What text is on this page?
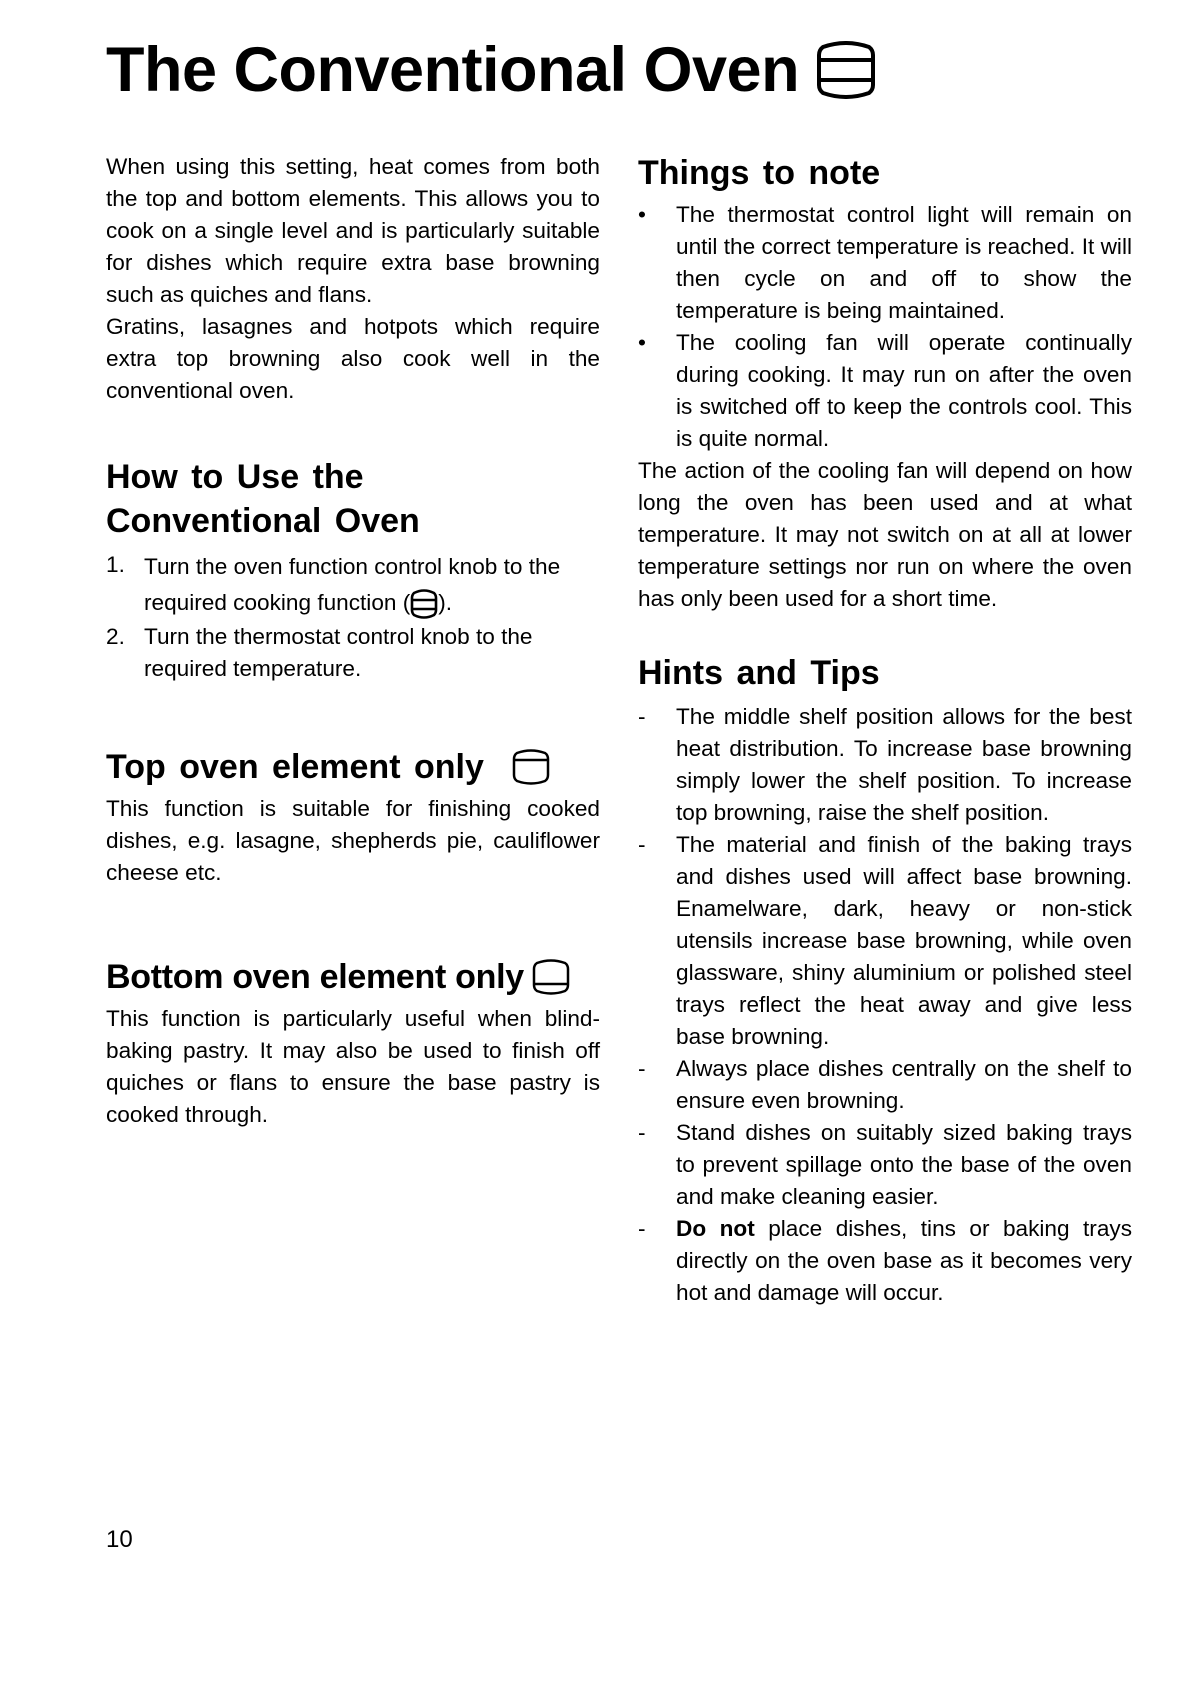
The Conventional Oven

When using this setting, heat comes from both the top and bottom elements. This allows you to cook on a single level and is particularly suitable for dishes which require extra base browning such as quiches and flans.

Gratins, lasagnes and hotpots which require extra top browning also cook well in the conventional oven.

How to Use the
Conventional Oven
1. Turn the oven function control knob to the required cooking function ( ).
2. Turn the thermostat control knob to the required temperature.
Top oven element only

This function is suitable for finishing cooked dishes, e.g. lasagne, shepherds pie, cauliflower cheese etc.

Bottom oven element only

This function is particularly useful when blind-baking pastry. It may also be used to finish off quiches or flans to ensure the base pastry is cooked through.

Things to note
•	The thermostat control light will remain on until the correct temperature is reached. It will then cycle on and off to show the temperature is being maintained.
•	The cooling fan will operate continually during cooking. It may run on after the oven is switched off to keep the controls cool. This is quite normal.

The action of the cooling fan will depend on how long the oven has been used and at what temperature. It may not switch on at all at lower temperature settings nor run on where the oven has only been used for a short time.

Hints and Tips
-	The middle shelf position allows for the best heat distribution. To increase base browning simply lower the shelf position. To increase top browning, raise the shelf position.
-	The material and finish of the baking trays and dishes used will affect base browning. Enamelware, dark, heavy or non-stick utensils increase base browning, while oven glassware, shiny aluminium or polished steel trays reflect the heat away and give less base browning.
-	Always place dishes centrally on the shelf to ensure even browning.
-	Stand dishes on suitably sized baking trays to prevent spillage onto the base of the oven and make cleaning easier.
-	Do not place dishes, tins or baking trays directly on the oven base as it becomes very hot and damage will occur.
10
